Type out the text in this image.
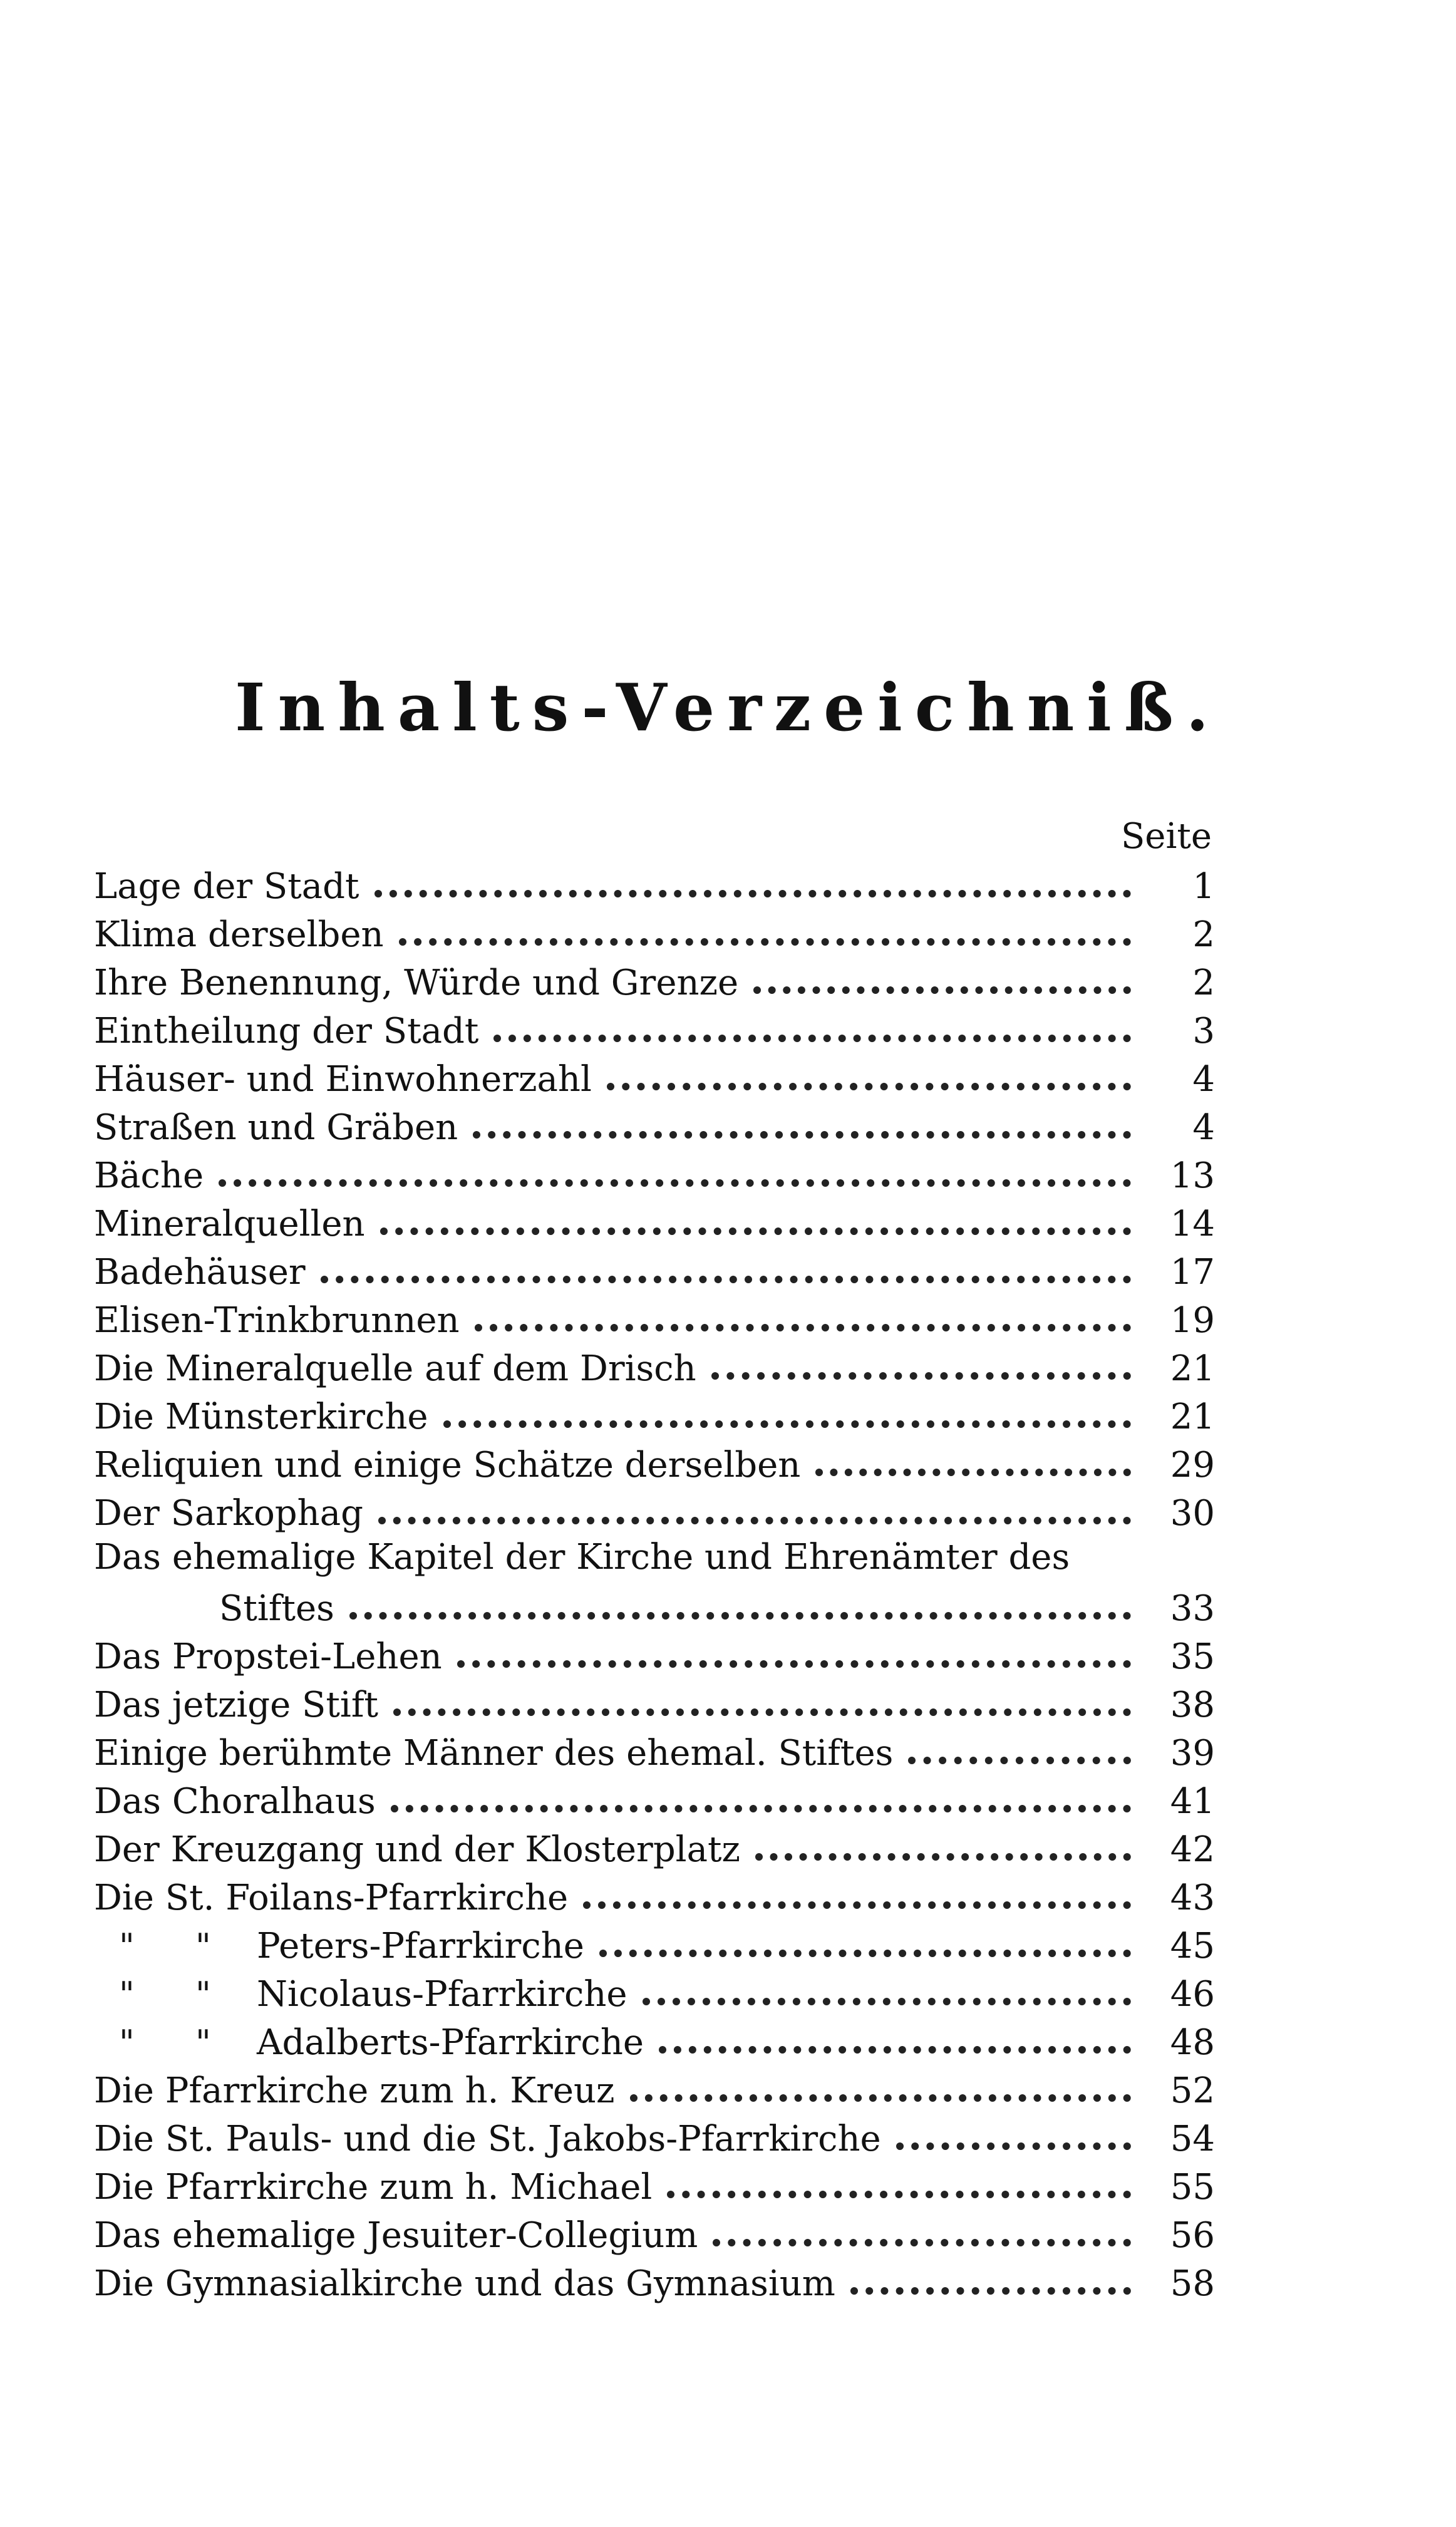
Inhalts-Verzeichniß.
Seite
Lage der Stadt	1
Klima derselben	2
Ihre Benennung, Würde und Grenze	2
Eintheilung der Stadt	3
Häuser- und Einwohnerzahl	4
Straßen und Gräben	4
Bäche	13
Mineralquellen	14
Badehäuser	17
Elisen-Trinkbrunnen	19
Die Mineralquelle auf dem Drisch	21
Die Münsterkirche	21
Reliquien und einige Schätze derselben	29
Der Sarkophag	30
Das ehemalige Kapitel der Kirche und Ehrenämter des
Stiftes	33
Das Propstei-Lehen	35
Das jetzige Stift	38
Einige berühmte Männer des ehemal. Stiftes	39
Das Choralhaus	41
Der Kreuzgang und der Klosterplatz	42
Die St. Foilans-Pfarrkirche	43
" " Peters-Pfarrkirche	45
" " Nicolaus-Pfarrkirche	46
" " Adalberts-Pfarrkirche	48
Die Pfarrkirche zum h. Kreuz	52
Die St. Pauls- und die St. Jakobs-Pfarrkirche	54
Die Pfarrkirche zum h. Michael	55
Das ehemalige Jesuiter-Collegium	56
Die Gymnasialkirche und das Gymnasium	58
